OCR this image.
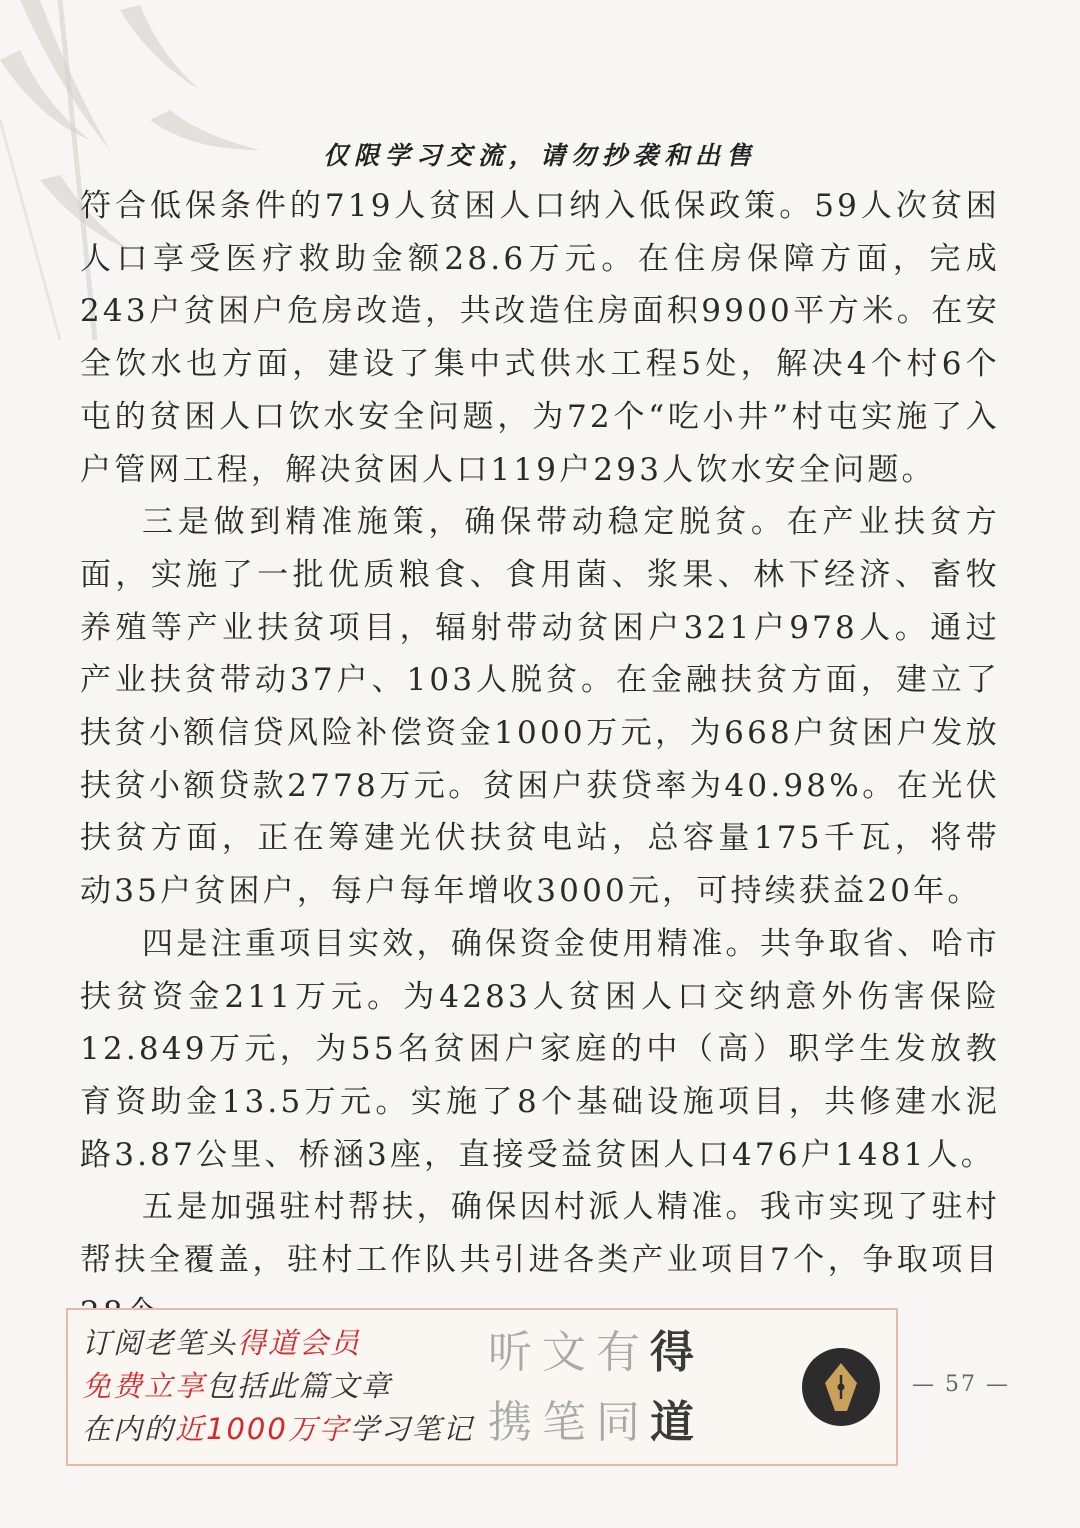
仅限学习交流，请勿抄袭和出售

符合低保条件的719人贫困人口纳入低保政策。59人次贫困人口享受医疗救助金额28.6万元。在住房保障方面，完成243户贫困户危房改造，共改造住房面积9900平方米。在安全饮水也方面，建设了集中式供水工程5处，解决4个村6个屯的贫困人口饮水安全问题，为72个“吃小井”村屯实施了入户管网工程，解决贫困人口119户293人饮水安全问题。

三是做到精准施策，确保带动稳定脱贫。在产业扶贫方面，实施了一批优质粮食、食用菌、浆果、林下经济、畜牧养殖等产业扶贫项目，辐射带动贫困户321户978人。通过产业扶贫带动37户、103人脱贫。在金融扶贫方面，建立了扶贫小额信贷风险补偿资金1000万元，为668户贫困户发放扶贫小额贷款2778万元。贫困户获贷率为40.98%。在光伏扶贫方面，正在筹建光伏扶贫电站，总容量175千瓦，将带动35户贫困户，每户每年增收3000元，可持续获益20年。

四是注重项目实效，确保资金使用精准。共争取省、哈市扶贫资金211万元。为4283人贫困人口交纳意外伤害保险12.849万元，为55名贫困户家庭的中（高）职学生发放教育资助金13.5万元。实施了8个基础设施项目，共修建水泥路3.87公里、桥涵3座，直接受益贫困人口476户1481人。

五是加强驻村帮扶，确保因村派人精准。我市实现了驻村帮扶全覆盖，驻村工作队共引进各类产业项目7个，争取项目

订阅老笔头得道会员
免费立享包括此篇文章
在内的近1000万字学习笔记
听文有得
携笔同道
— 57 —
